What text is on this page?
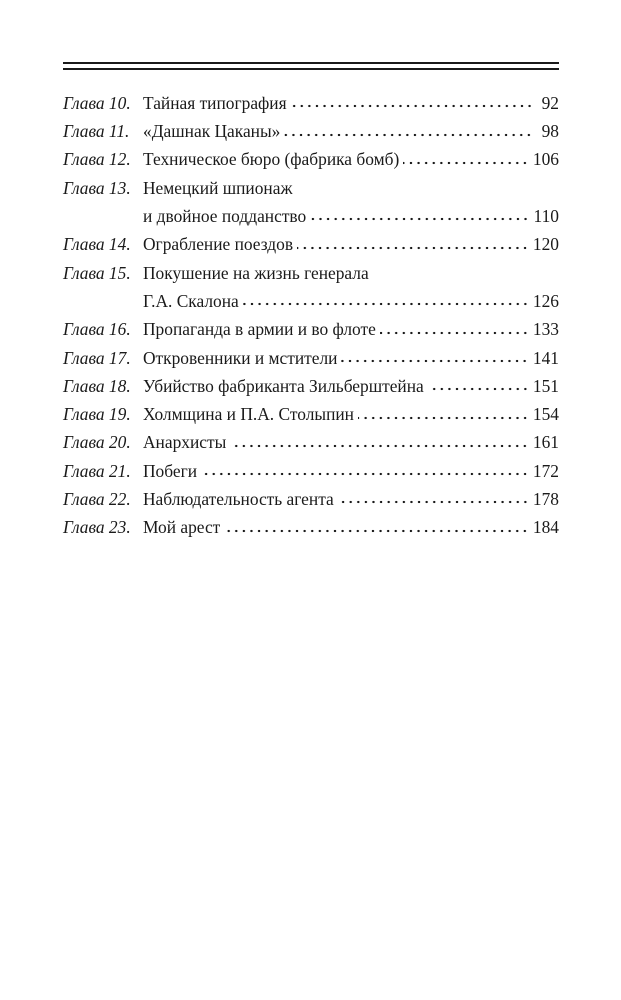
Глава 10. Тайная типография	92
Глава 11. «Дашнак Цаканы»	98
Глава 12. Техническое бюро (фабрика бомб)	106
Глава 13. Немецкий шпионаж
и двойное подданство	110
Глава 14. Ограбление поездов	120
Глава 15. Покушение на жизнь генерала
Г.А. Скалона	126
Глава 16. Пропаганда в армии и во флоте	133
Глава 17. Откровенники и мстители	141
Глава 18. Убийство фабриканта Зильберштейна	151
Глава 19. Холмщина и П.А. Столыпин	154
Глава 20. Анархисты	161
Глава 21. Побеги	172
Глава 22. Наблюдательность агента	178
Глава 23. Мой арест	184
